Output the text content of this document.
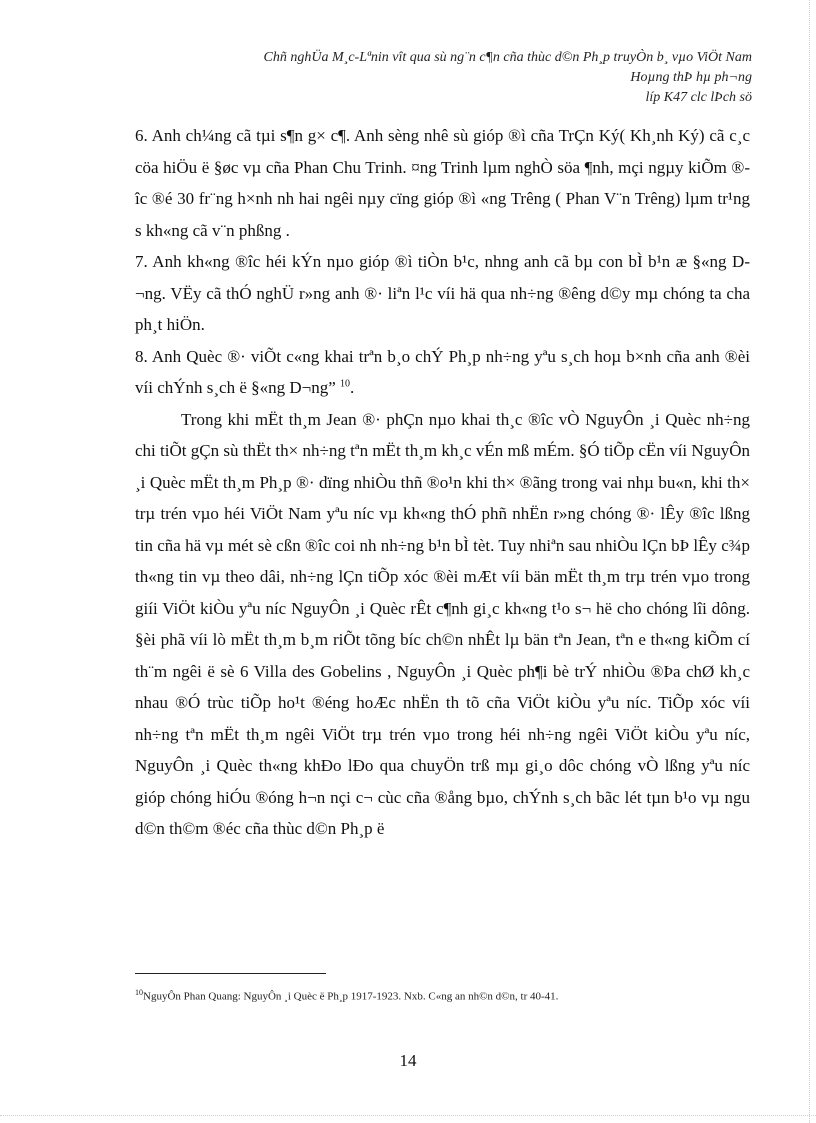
Chñ nghÜa M¸c-Lªnin vît qua sù ng¨n c¶n cña thùc d©n Ph¸p truyÒn b¸ vµo ViÖt Nam
Hoµng thÞ hµ ph¬ng
líp K47 clc lÞch sö

6. Anh ch¼ng cã tµi s¶n g× c¶. Anh sèng nhê sù gióp ®ì cña TrÇn Ký( Kh¸nh Ký) cã c¸c cöa hiÖu ë §øc vµ cña Phan Chu Trinh. ¤ng Trinh lµm nghÒ söa ¶nh, mçi ngµy kiÕm ®îc ®é 30 fr¨ng h×nh nh hai ngêi nµy cïng gióp ®ì «ng Trêng ( Phan V¨n Trêng) lµm tr¹ng s kh«ng cã v¨n phßng .

7. Anh kh«ng ®îc héi kÝn nµo gióp ®ì tiÒn b¹c, nhng anh cã bµ con bÌ b¹n æ §«ng D¬ng. VËy cã thÓ nghÜ r»ng anh ®· liªn l¹c víi hä qua nh÷ng ®êng d©y mµ chóng ta cha ph¸t hiÖn.

8. Anh Quèc ®· viÕt c«ng khai trªn b¸o chÝ Ph¸p nh÷ng yªu s¸ch hoµ b×nh cña anh ®èi víi chÝnh s¸ch ë §«ng D¬ng” $^{10}$.

Trong khi mËt th¸m Jean ®· phÇn nµo khai th¸c ®îc vÒ NguyÔn ¸i Quèc nh÷ng chi tiÕt gÇn sù thËt th× nh÷ng tªn mËt th¸m kh¸c vÉn mß mÉm. §Ó tiÕp cËn víi NguyÔn ¸i Quèc mËt th¸m Ph¸p ®· dïng nhiÒu thñ ®o¹n khi th× ®ãng trong vai nhµ bu«n, khi th× trµ trén vµo héi ViÖt Nam yªu níc vµ kh«ng thÓ phñ nhËn r»ng chóng ®· lÊy ®îc lßng tin cña hä vµ mét sè cßn ®îc coi nh nh÷ng b¹n bÌ tèt. Tuy nhiªn sau nhiÒu lÇn bÞ lÊy c¾p th«ng tin vµ theo dâi, nh÷ng lÇn tiÕp xóc ®èi mÆt víi bän mËt th¸m trµ trén vµo trong giíi ViÖt kiÒu yªu níc NguyÔn ¸i Quèc rÊt c¶nh gi¸c kh«ng t¹o s¬ hë cho chóng lîi dông. §èi phã víi lò mËt th¸m b¸m riÕt tõng bíc ch©n nhÊt lµ bän tªn Jean, tªn e th«ng kiÕm cí th¨m ngêi ë sè 6 Villa des Gobelins , NguyÔn ¸i Quèc ph¶i bè trÝ nhiÒu ®Þa chØ kh¸c nhau ®Ó trùc tiÕp ho¹t ®éng hoÆc nhËn th tõ cña ViÖt kiÒu yªu níc. TiÕp xóc víi nh÷ng tªn mËt th¸m ngêi ViÖt trµ trén vµo trong héi nh÷ng ngêi ViÖt kiÒu yªu níc, NguyÔn ¸i Quèc th«ng khÐo lÐo qua chuyÖn trß mµ gi¸o dôc chóng vÒ lßng yªu níc gióp chóng hiÓu ®óng h¬n nçi c¬ cùc cña ®ång bµo, chÝnh s¸ch bãc lét tµn b¹o vµ ngu d©n th©m ®éc cña thùc d©n Ph¸p ë

$^{10}$NguyÔn Phan Quang: NguyÔn ¸i Quèc ë Ph¸p 1917-1923. Nxb. C«ng an nh©n d©n, tr 40-41.
14
